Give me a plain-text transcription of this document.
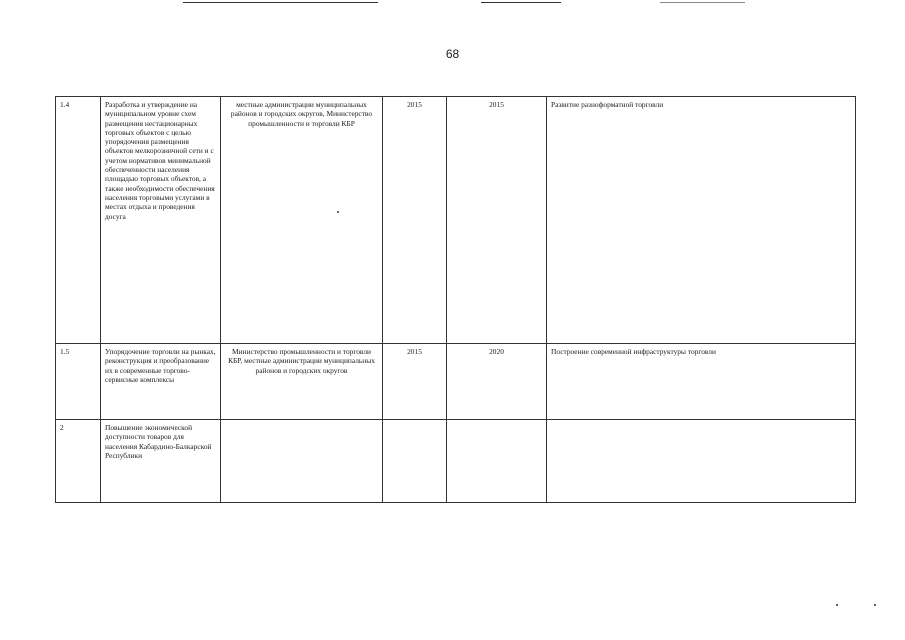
68
1.4	Разработка и утверждение на муниципальном уровне схем размещения нестационарных торговых объектов с целью упорядочения размещения объектов мелкорозничной сети и с учетом нормативов минимальной обеспеченности населения площадью торговых объектов, а также необходимости обеспечения населения торговыми услугами в местах отдыха и проведения досуга	местные администрации муниципальных районов и городских округов, Министерство промышленности и торговли КБР	2015	2015	Развитие разноформатной торговли
1.5	Упорядочение торговли на рынках, реконструкция и преобразование их в современные торгово-сервисные комплексы	Министерство промышленности и торговли КБР, местные администрации муниципальных районов и городских округов	2015	2020	Построение современной инфраструктуры торговли
2	Повышение экономической доступности товаров для населения Кабардино-Балкарской Республики				
